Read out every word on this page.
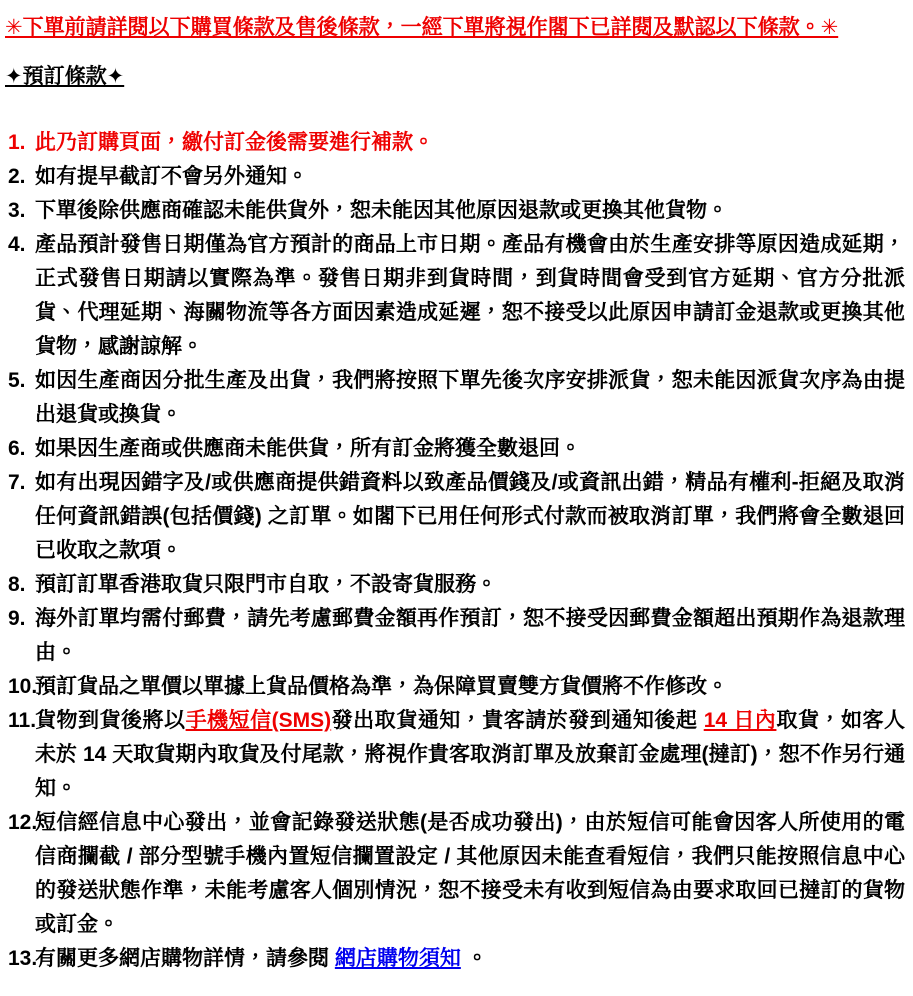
✳下單前請詳閱以下購買條款及售後條款，一經下單將視作閣下已詳閱及默認以下條款。✳
✦預訂條款✦
1. 此乃訂購頁面，繳付訂金後需要進行補款。
2. 如有提早截訂不會另外通知。
3. 下單後除供應商確認未能供貨外，恕未能因其他原因退款或更換其他貨物。
4. 產品預計發售日期僅為官方預計的商品上市日期。產品有機會由於生產安排等原因造成延期，正式發售日期請以實際為準。發售日期非到貨時間，到貨時間會受到官方延期、官方分批派貨、代理延期、海關物流等各方面因素造成延遲，恕不接受以此原因申請訂金退款或更換其他貨物，感謝諒解。
5. 如因生產商因分批生產及出貨，我們將按照下單先後次序安排派貨，恕未能因派貨次序為由提出退貨或換貨。
6. 如果因生產商或供應商未能供貨，所有訂金將獲全數退回。
7. 如有出現因錯字及/或供應商提供錯資料以致產品價錢及/或資訊出錯，精品有權利-拒絕及取消任何資訊錯誤(包括價錢) 之訂單。如閣下已用任何形式付款而被取消訂單，我們將會全數退回已收取之款項。
8. 預訂訂單香港取貨只限門市自取，不設寄貨服務。
9. 海外訂單均需付郵費，請先考慮郵費金額再作預訂，恕不接受因郵費金額超出預期作為退款理由。
10.
預訂貨品之單價以單據上貨品價格為準，為保障買賣雙方貨價將不作修改。
11.
貨物到貨後將以手機短信(SMS)發出取貨通知，貴客請於發到通知後起 14 日內取貨，如客人未於 14 天取貨期內取貨及付尾款，將視作貴客取消訂單及放棄訂金處理(撻訂)，恕不作另行通知。
12.
短信經信息中心發出，並會記錄發送狀態(是否成功發出)，由於短信可能會因客人所使用的電信商攔截 / 部分型號手機內置短信攔置設定 / 其他原因未能查看短信，我們只能按照信息中心的發送狀態作準，未能考慮客人個別情況，恕不接受未有收到短信為由要求取回已撻訂的貨物或訂金。
13.
有關更多網店購物詳情，請參閱 網店購物須知 。
